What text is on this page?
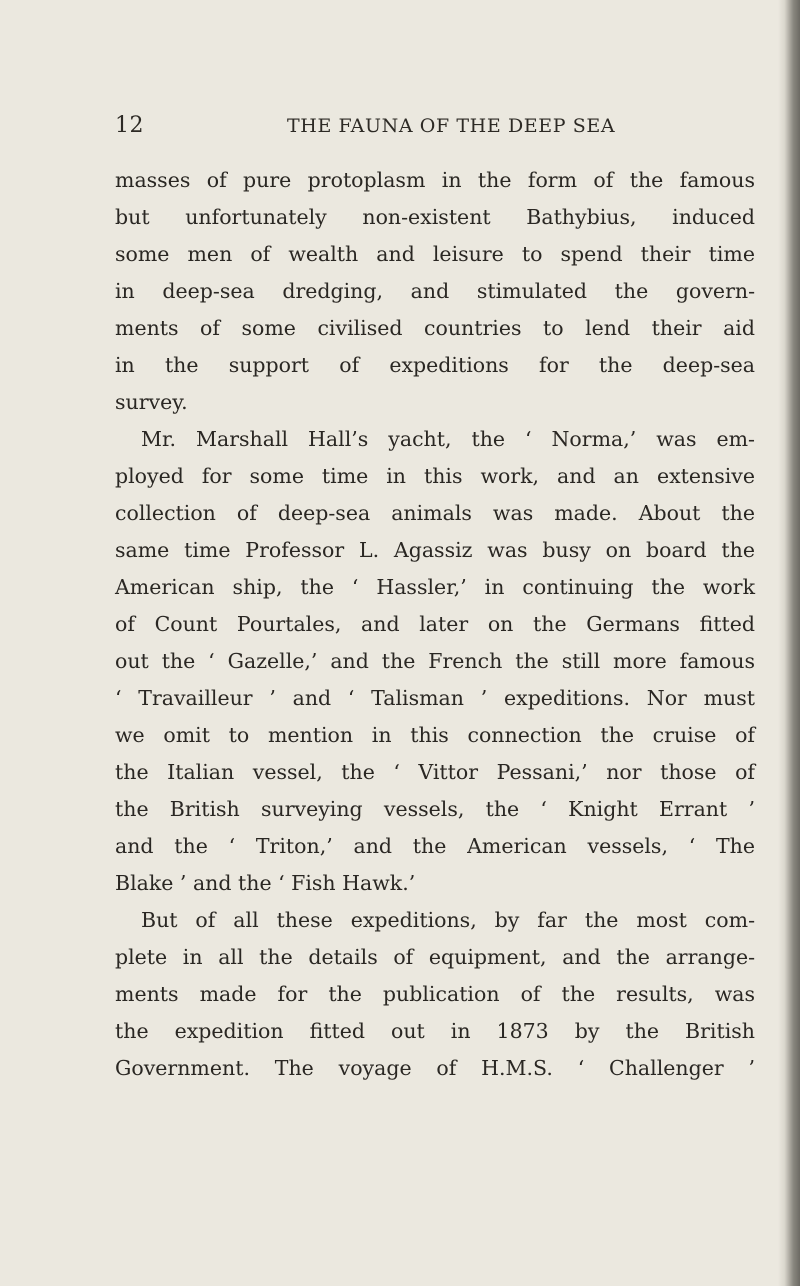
12	THE FAUNA OF THE DEEP SEA
masses of pure protoplasm in the form of the famous
but unfortunately non-existent Bathybius, induced
some men of wealth and leisure to spend their time
in deep-sea dredging, and stimulated the govern-
ments of some civilised countries to lend their aid
in the support of expeditions for the deep-sea
survey.
Mr. Marshall Hall’s yacht, the ‘ Norma,’ was em-
ployed for some time in this work, and an extensive
collection of deep-sea animals was made. About the
same time Professor L. Agassiz was busy on board the
American ship, the ‘ Hassler,’ in continuing the work
of Count Pourtales, and later on the Germans fitted
out the ‘ Gazelle,’ and the French the still more famous
‘ Travailleur ’ and ‘ Talisman ’ expeditions. Nor must
we omit to mention in this connection the cruise of
the Italian vessel, the ‘ Vittor Pessani,’ nor those of
the British surveying vessels, the ‘ Knight Errant ’
and the ‘ Triton,’ and the American vessels, ‘ The
Blake ’ and the ‘ Fish Hawk.’
But of all these expeditions, by far the most com-
plete in all the details of equipment, and the arrange-
ments made for the publication of the results, was
the expedition fitted out in 1873 by the British
Government. The voyage of H.M.S. ‘ Challenger ’
